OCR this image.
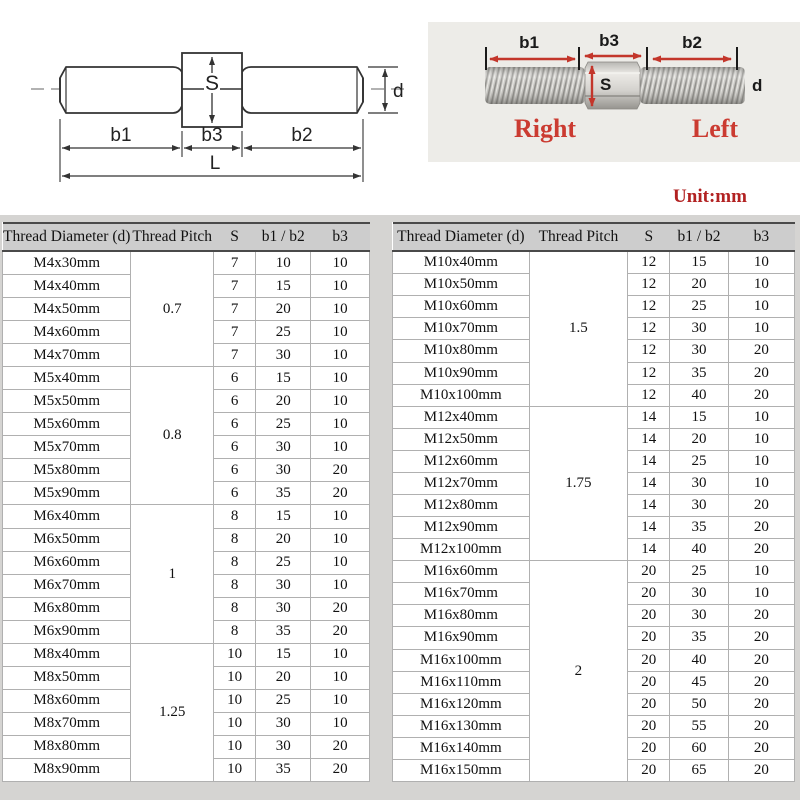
S	d
b1	b3	b2
L
b1	b3	b2
S	d
Right	Left
Unit:mm
Thread Diameter (d)	Thread Pitch	S	b1 / b2	b3
M4x30mm	0.7	7	10	10
M4x40mm		7	15	10
M4x50mm		7	20	10
M4x60mm		7	25	10
M4x70mm		7	30	10
M5x40mm	0.8	6	15	10
M5x50mm		6	20	10
M5x60mm		6	25	10
M5x70mm		6	30	10
M5x80mm		6	30	20
M5x90mm		6	35	20
M6x40mm	1	8	15	10
M6x50mm		8	20	10
M6x60mm		8	25	10
M6x70mm		8	30	10
M6x80mm		8	30	20
M6x90mm		8	35	20
M8x40mm	1.25	10	15	10
M8x50mm		10	20	10
M8x60mm		10	25	10
M8x70mm		10	30	10
M8x80mm		10	30	20
M8x90mm		10	35	20
Thread Diameter (d)	Thread Pitch	S	b1 / b2	b3
M10x40mm	1.5	12	15	10
M10x50mm		12	20	10
M10x60mm		12	25	10
M10x70mm		12	30	10
M10x80mm		12	30	20
M10x90mm		12	35	20
M10x100mm		12	40	20
M12x40mm	1.75	14	15	10
M12x50mm		14	20	10
M12x60mm		14	25	10
M12x70mm		14	30	10
M12x80mm		14	30	20
M12x90mm		14	35	20
M12x100mm		14	40	20
M16x60mm	2	20	25	10
M16x70mm		20	30	10
M16x80mm		20	30	20
M16x90mm		20	35	20
M16x100mm		20	40	20
M16x110mm		20	45	20
M16x120mm		20	50	20
M16x130mm		20	55	20
M16x140mm		20	60	20
M16x150mm		20	65	20
